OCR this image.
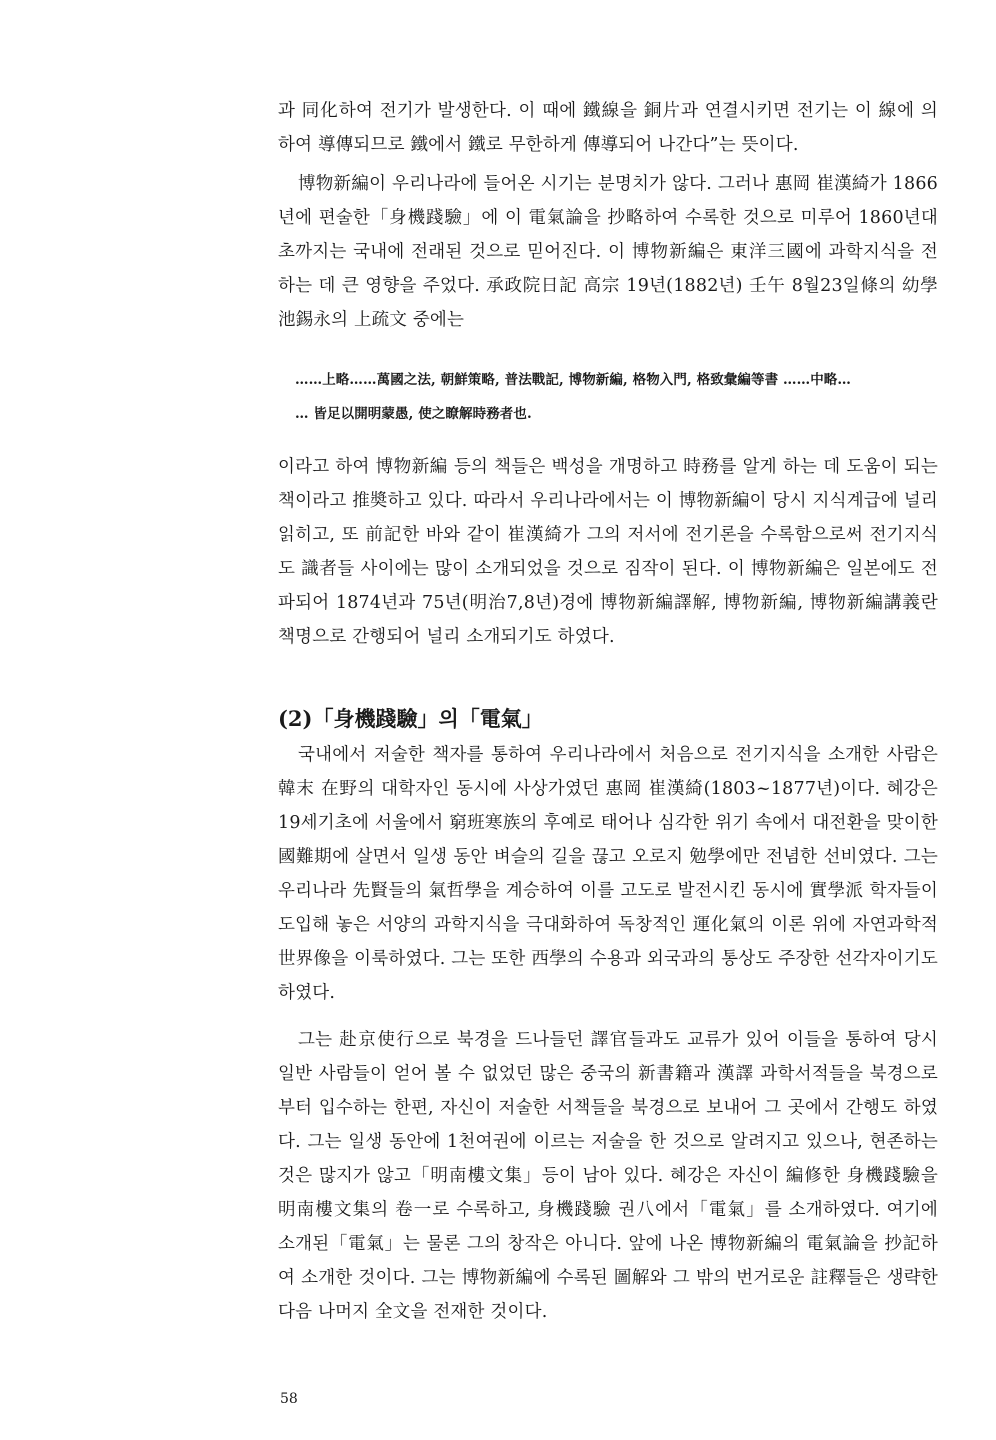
과 同化하여 전기가 발생한다. 이 때에 鐵線을 銅片과 연결시키면 전기는 이 線에 의하여 導傳되므로 鐵에서 鐵로 무한하게 傳導되어 나간다”는 뜻이다.

博物新編이 우리나라에 들어온 시기는 분명치가 않다. 그러나 惠岡 崔漢綺가 1866년에 편술한「身機踐驗」에 이 電氣論을 抄略하여 수록한 것으로 미루어 1860년대초까지는 국내에 전래된 것으로 믿어진다. 이 博物新編은 東洋三國에 과학지식을 전하는 데 큰 영향을 주었다. 承政院日記 高宗 19년(1882년) 壬午 8월23일條의 幼學 池錫永의 上疏文 중에는

……上略……萬國之法, 朝鮮策略, 普法戰記, 博物新編, 格物入門, 格致彙編等書 ……中略…

… 皆足以開明蒙愚, 使之瞭解時務者也.

이라고 하여 博物新編 등의 책들은 백성을 개명하고 時務를 알게 하는 데 도움이 되는 책이라고 推奬하고 있다. 따라서 우리나라에서는 이 博物新編이 당시 지식계급에 널리 읽히고, 또 前記한 바와 같이 崔漢綺가 그의 저서에 전기론을 수록함으로써 전기지식도 識者들 사이에는 많이 소개되었을 것으로 짐작이 된다. 이 博物新編은 일본에도 전파되어 1874년과 75년(明治7,8년)경에 博物新編譯解, 博物新編, 博物新編講義란 책명으로 간행되어 널리 소개되기도 하였다.

(2)「身機踐驗」의「電氣」

국내에서 저술한 책자를 통하여 우리나라에서 처음으로 전기지식을 소개한 사람은 韓末 在野의 대학자인 동시에 사상가였던 惠岡 崔漢綺(1803~1877년)이다. 혜강은 19세기초에 서울에서 窮班寒族의 후예로 태어나 심각한 위기 속에서 대전환을 맞이한 國難期에 살면서 일생 동안 벼슬의 길을 끊고 오로지 勉學에만 전념한 선비였다. 그는 우리나라 先賢들의 氣哲學을 계승하여 이를 고도로 발전시킨 동시에 實學派 학자들이 도입해 놓은 서양의 과학지식을 극대화하여 독창적인 運化氣의 이론 위에 자연과학적 世界像을 이룩하였다. 그는 또한 西學의 수용과 외국과의 통상도 주장한 선각자이기도 하였다.

그는 赴京使行으로 북경을 드나들던 譯官들과도 교류가 있어 이들을 통하여 당시 일반 사람들이 얻어 볼 수 없었던 많은 중국의 新書籍과 漢譯 과학서적들을 북경으로부터 입수하는 한편, 자신이 저술한 서책들을 북경으로 보내어 그 곳에서 간행도 하였다. 그는 일생 동안에 1천여권에 이르는 저술을 한 것으로 알려지고 있으나, 현존하는 것은 많지가 않고「明南樓文集」등이 남아 있다. 혜강은 자신이 編修한 身機踐驗을 明南樓文集의 卷一로 수록하고, 身機踐驗 권八에서「電氣」를 소개하였다. 여기에 소개된「電氣」는 물론 그의 창작은 아니다. 앞에 나온 博物新編의 電氣論을 抄記하여 소개한 것이다. 그는 博物新編에 수록된 圖解와 그 밖의 번거로운 註釋들은 생략한 다음 나머지 全文을 전재한 것이다.

58
